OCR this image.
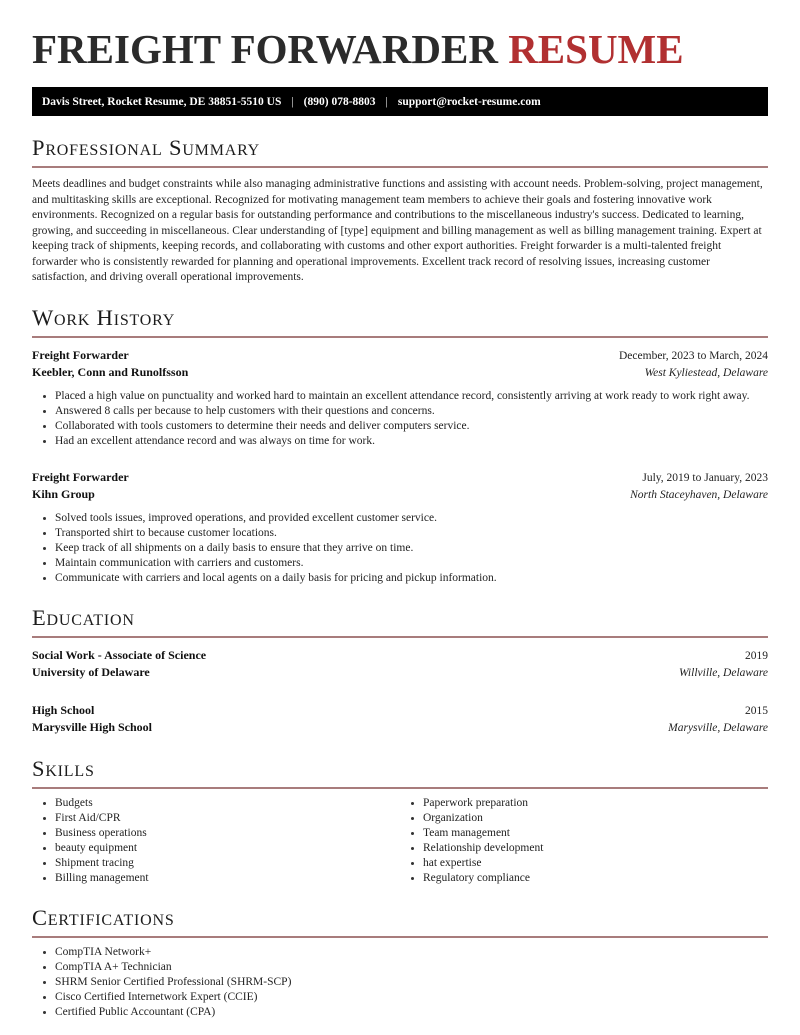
FREIGHT FORWARDER RESUME
Davis Street, Rocket Resume, DE 38851-5510 US | (890) 078-8803 | support@rocket-resume.com
Professional Summary

Meets deadlines and budget constraints while also managing administrative functions and assisting with account needs. Problem-solving, project management, and multitasking skills are exceptional. Recognized for motivating management team members to achieve their goals and fostering innovative work environments. Recognized on a regular basis for outstanding performance and contributions to the miscellaneous industry's success. Dedicated to learning, growing, and succeeding in miscellaneous. Clear understanding of [type] equipment and billing management as well as billing management training. Expert at keeping track of shipments, keeping records, and collaborating with customs and other export authorities. Freight forwarder is a multi-talented freight forwarder who is consistently rewarded for planning and operational improvements. Excellent track record of resolving issues, increasing customer satisfaction, and driving overall operational improvements.

Work History
Freight Forwarder	December, 2023 to March, 2024
Keebler, Conn and Runolfsson	West Kyliestead, Delaware
• Placed a high value on punctuality and worked hard to maintain an excellent attendance record, consistently arriving at work ready to work right away.
• Answered 8 calls per because to help customers with their questions and concerns.
• Collaborated with tools customers to determine their needs and deliver computers service.
• Had an excellent attendance record and was always on time for work.
Freight Forwarder	July, 2019 to January, 2023
Kihn Group	North Staceyhaven, Delaware
• Solved tools issues, improved operations, and provided excellent customer service.
• Transported shirt to because customer locations.
• Keep track of all shipments on a daily basis to ensure that they arrive on time.
• Maintain communication with carriers and customers.
• Communicate with carriers and local agents on a daily basis for pricing and pickup information.
Education
Social Work - Associate of Science	2019
University of Delaware	Willville, Delaware
High School	2015
Marysville High School	Marysville, Delaware
Skills
• Budgets
• First Aid/CPR
• Business operations
• beauty equipment
• Shipment tracing
• Billing management
• Paperwork preparation
• Organization
• Team management
• Relationship development
• hat expertise
• Regulatory compliance
Certifications
• CompTIA Network+
• CompTIA A+ Technician
• SHRM Senior Certified Professional (SHRM-SCP)
• Cisco Certified Internetwork Expert (CCIE)
• Certified Public Accountant (CPA)
